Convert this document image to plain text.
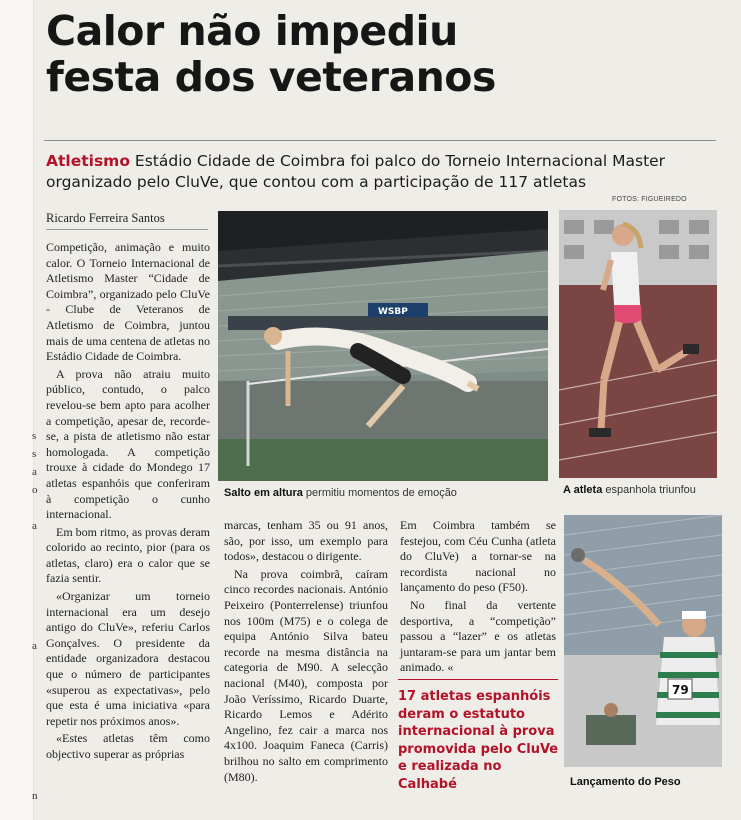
s
s
a
o
a
a
n
Calor não impediu
festa dos veteranos
Atletismo Estádio Cidade de Coimbra foi palco do Torneio Internacional Master organizado pelo CluVe, que contou com a participação de 117 atletas
FOTOS: FIGUEIREDO
Ricardo Ferreira Santos

Competição, animação e muito calor. O Torneio Internacional de Atletismo Master “Cidade de Coimbra”, organizado pelo CluVe - Clube de Veteranos de Atletismo de Coimbra, juntou mais de uma centena de atletas no Estádio Cidade de Coimbra.

A prova não atraiu muito público, contudo, o palco revelou-se bem apto para acolher a competição, apesar de, recorde-se, a pista de atletismo não estar homologada. A competição trouxe à cidade do Mondego 17 atletas espanhóis que conferiram à competição o cunho internacional.

Em bom ritmo, as provas deram colorido ao recinto, pior (para os atletas, claro) era o calor que se fazia sentir.

«Organizar um torneio internacional era um desejo antigo do CluVe», referiu Carlos Gonçalves. O presidente da entidade organizadora destacou que o número de participantes «superou as expectativas», pelo que esta é uma iniciativa «para repetir nos próximos anos».

«Estes atletas têm como objectivo superar as próprias

marcas, tenham 35 ou 91 anos, são, por isso, um exemplo para todos», destacou o dirigente.

Na prova coimbrã, caíram cinco recordes nacionais. António Peixeiro (Ponterrelense) triunfou nos 100m (M75) e o colega de equipa António Silva bateu recorde na mesma distância na categoria de M90. A selecção nacional (M40), composta por João Veríssimo, Ricardo Duarte, Ricardo Lemos e Adérito Angelino, fez cair a marca nos 4x100. Joaquim Faneca (Carris) brilhou no salto em comprimento (M80).

Em Coimbra também se festejou, com Céu Cunha (atleta do CluVe) a tornar-se na recordista nacional no lançamento do peso (F50).

No final da vertente desportiva, a “competição” passou a “lazer” e os atletas juntaram-se para um jantar bem animado. «

WSBP
79
Salto em altura permitiu momentos de emoção	A atleta espanhola triunfou
Lançamento do Peso
17 atletas espanhóis deram o estatuto internacional à prova promovida pelo CluVe e realizada no Calhabé
